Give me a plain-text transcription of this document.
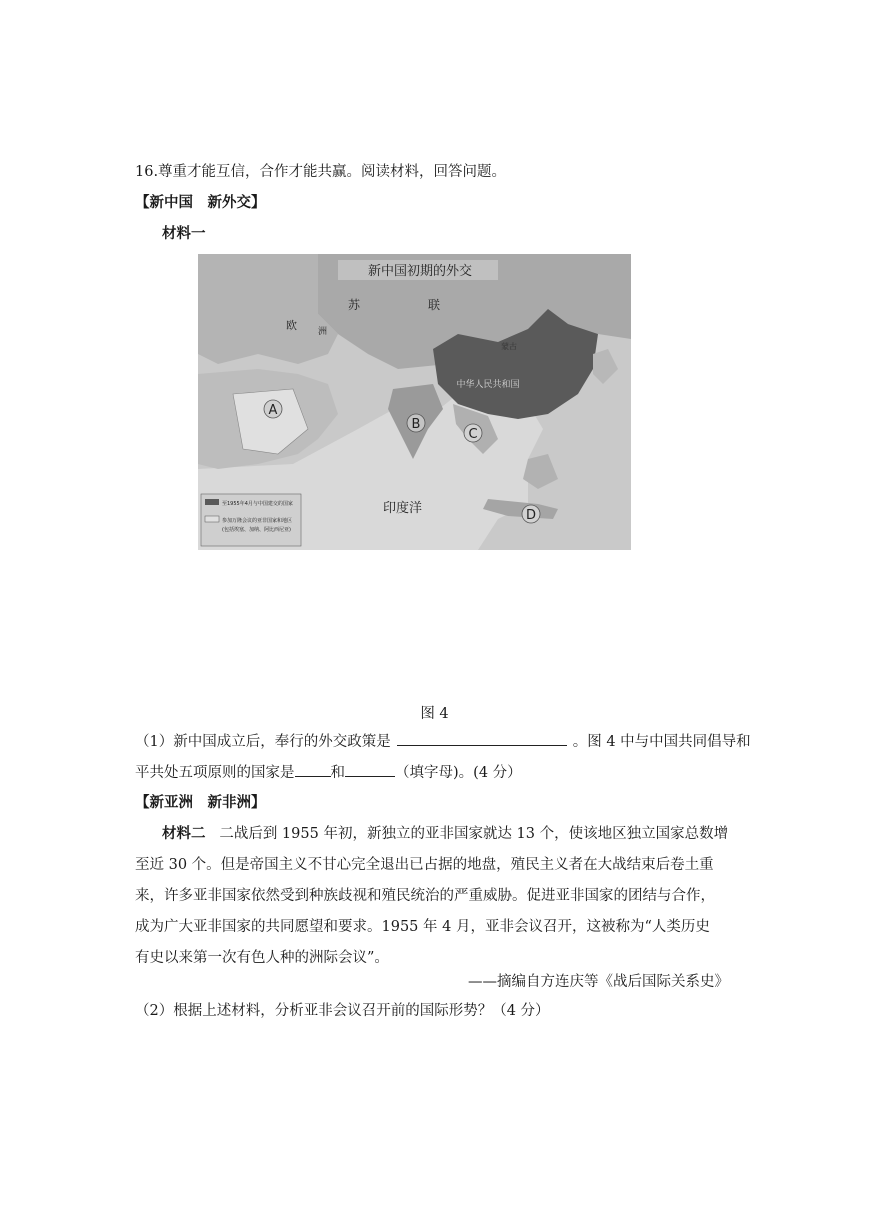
16.尊重才能互信，合作才能共赢。阅读材料，回答问题。
【新中国　新外交】
材料一
新中国初期的外交
苏	联
欧 洲
蒙古
中华人民共和国
印度洋
A
B
C
D
至1955年4月与中国建交的国家
参加万隆会议的亚非国家和地区
(包括埃塞、加纳、阿比西尼亚)
图 4
（1）新中国成立后，奉行的外交政策是	。图 4 中与中国共同倡导和
平共处五项原则的国家是 和	（填字母)。(4 分）
【新亚洲　新非洲】
材料二 二战后到 1955 年初，新独立的亚非国家就达 13 个，使该地区独立国家总数增
至近 30 个。但是帝国主义不甘心完全退出已占据的地盘，殖民主义者在大战结束后卷土重
来，许多亚非国家依然受到种族歧视和殖民统治的严重威胁。促进亚非国家的团结与合作，
成为广大亚非国家的共同愿望和要求。1955 年 4 月，亚非会议召开，这被称为“人类历史
有史以来第一次有色人种的洲际会议”。
——摘编自方连庆等《战后国际关系史》
（2）根据上述材料，分析亚非会议召开前的国际形势？（4 分）
